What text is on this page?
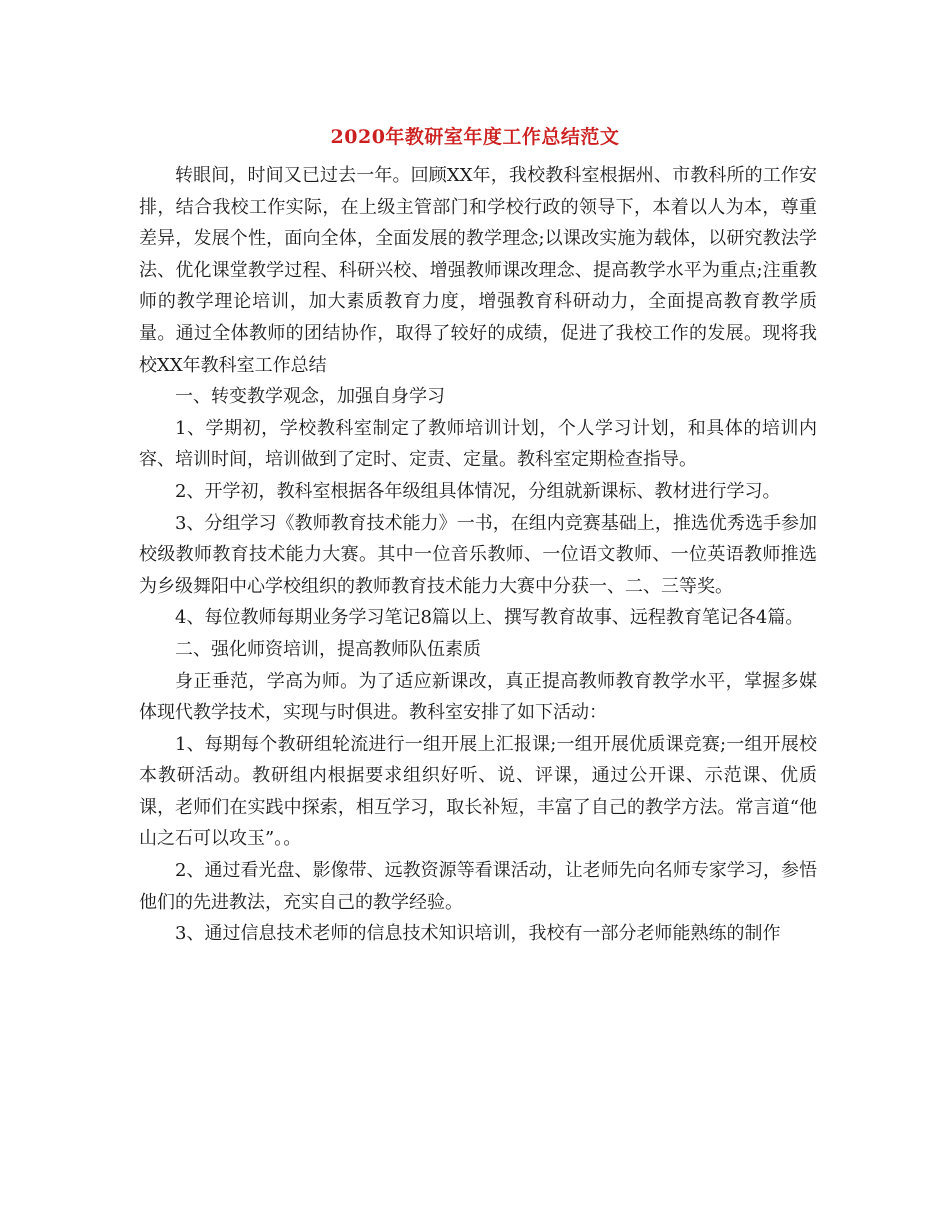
2020年教研室年度工作总结范文

转眼间，时间又已过去一年。回顾XX年，我校教科室根据州、市教科所的工作安排，结合我校工作实际，在上级主管部门和学校行政的领导下，本着以人为本，尊重差异，发展个性，面向全体，全面发展的教学理念;以课改实施为载体，以研究教法学法、优化课堂教学过程、科研兴校、增强教师课改理念、提高教学水平为重点;注重教师的教学理论培训，加大素质教育力度，增强教育科研动力，全面提高教育教学质量。通过全体教师的团结协作，取得了较好的成绩，促进了我校工作的发展。现将我校XX年教科室工作总结

一、转变教学观念，加强自身学习

1、学期初，学校教科室制定了教师培训计划，个人学习计划，和具体的培训内容、培训时间，培训做到了定时、定责、定量。教科室定期检查指导。

2、开学初，教科室根据各年级组具体情况，分组就新课标、教材进行学习。

3、分组学习《教师教育技术能力》一书，在组内竞赛基础上，推选优秀选手参加校级教师教育技术能力大赛。其中一位音乐教师、一位语文教师、一位英语教师推选为乡级舞阳中心学校组织的教师教育技术能力大赛中分获一、二、三等奖。

4、每位教师每期业务学习笔记8篇以上、撰写教育故事、远程教育笔记各4篇。

二、强化师资培训，提高教师队伍素质

身正垂范，学高为师。为了适应新课改，真正提高教师教育教学水平，掌握多媒体现代教学技术，实现与时俱进。教科室安排了如下活动：

1、每期每个教研组轮流进行一组开展上汇报课;一组开展优质课竞赛;一组开展校本教研活动。教研组内根据要求组织好听、说、评课，通过公开课、示范课、优质课，老师们在实践中探索，相互学习，取长补短，丰富了自己的教学方法。常言道“他山之石可以攻玉”。。

2、通过看光盘、影像带、远教资源等看课活动，让老师先向名师专家学习，参悟他们的先进教法，充实自己的教学经验。

3、通过信息技术老师的信息技术知识培训，我校有一部分老师能熟练的制作
